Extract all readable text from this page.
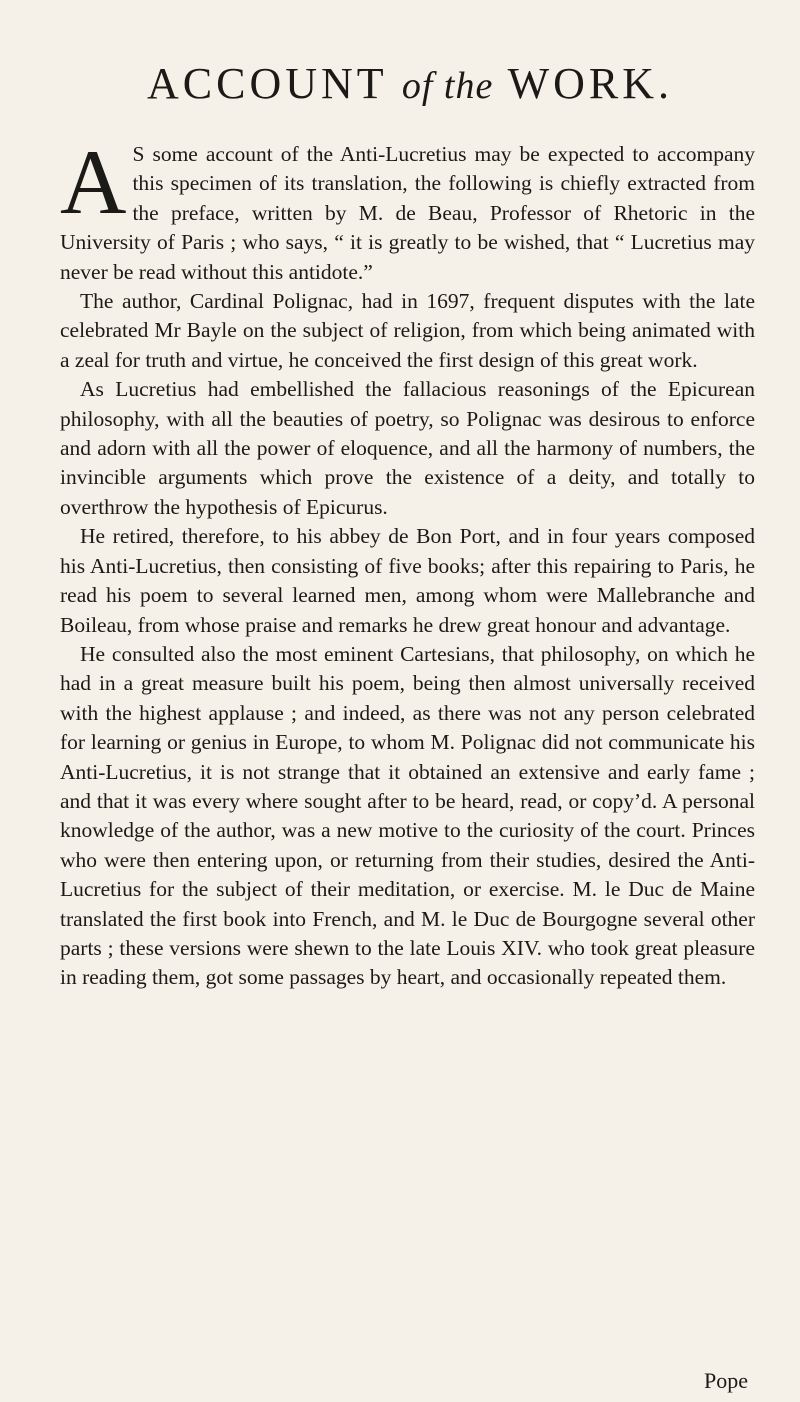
ACCOUNT of the WORK.

A S some account of the Anti-Lucretius may be expected to accompany this specimen of its translation, the following is chiefly extracted from the preface, written by M. de Beau, Professor of Rhetoric in the University of Paris ; who says, “ it is greatly to be wished, that “ Lucretius may never be read without this antidote.”

The author, Cardinal Polignac, had in 1697, frequent disputes with the late celebrated Mr Bayle on the subject of religion, from which being animated with a zeal for truth and virtue, he conceived the first design of this great work.

As Lucretius had embellished the fallacious reasonings of the Epicurean philosophy, with all the beauties of poetry, so Polignac was desirous to enforce and adorn with all the power of eloquence, and all the harmony of numbers, the invincible arguments which prove the existence of a deity, and totally to overthrow the hypothesis of Epicurus.

He retired, therefore, to his abbey de Bon Port, and in four years composed his Anti-Lucretius, then consisting of five books; after this repairing to Paris, he read his poem to several learned men, among whom were Mallebranche and Boileau, from whose praise and remarks he drew great honour and advantage.

He consulted also the most eminent Cartesians, that philosophy, on which he had in a great measure built his poem, being then almost universally received with the highest applause ; and indeed, as there was not any person celebrated for learning or genius in Europe, to whom M. Polignac did not communicate his Anti-Lucretius, it is not strange that it obtained an extensive and early fame ; and that it was every where sought after to be heard, read, or copy’d. A personal knowledge of the author, was a new motive to the curiosity of the court. Princes who were then entering upon, or returning from their studies, desired the Anti-Lucretius for the subject of their meditation, or exercise. M. le Duc de Maine translated the first book into French, and M. le Duc de Bourgogne several other parts ; these versions were shewn to the late Louis XIV. who took great pleasure in reading them, got some passages by heart, and occasionally repeated them.

Pope
